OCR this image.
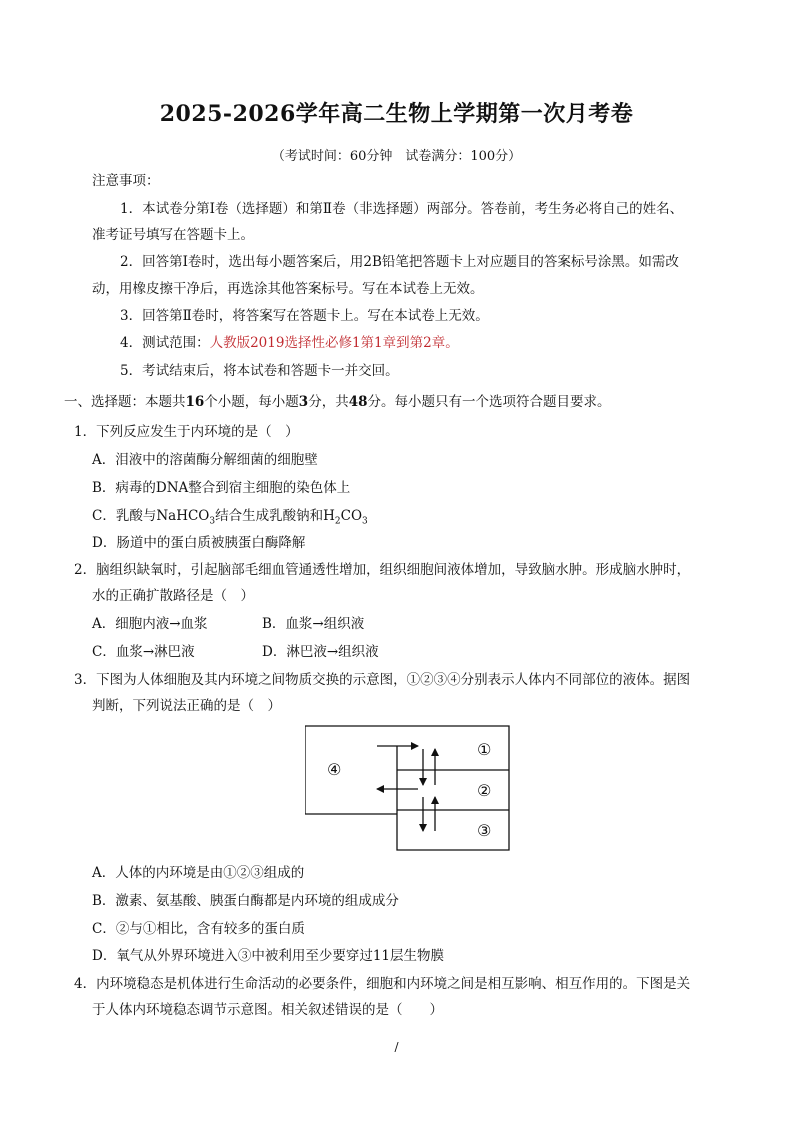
2025-2026学年高二生物上学期第一次月考卷
（考试时间：60分钟　试卷满分：100分）
注意事项：
1．本试卷分第Ⅰ卷（选择题）和第Ⅱ卷（非选择题）两部分。答卷前，考生务必将自己的姓名、
准考证号填写在答题卡上。
2．回答第Ⅰ卷时，选出每小题答案后，用2B铅笔把答题卡上对应题目的答案标号涂黑。如需改
动，用橡皮擦干净后，再选涂其他答案标号。写在本试卷上无效。
3．回答第Ⅱ卷时，将答案写在答题卡上。写在本试卷上无效。
4．测试范围：人教版2019选择性必修1第1章到第2章。
5．考试结束后，将本试卷和答题卡一并交回。
一、选择题：本题共16个小题，每小题3分，共48分。每小题只有一个选项符合题目要求。
1．下列反应发生于内环境的是（　）
A．泪液中的溶菌酶分解细菌的细胞壁
B．病毒的DNA整合到宿主细胞的染色体上
C．乳酸与NaHCO$_3$结合生成乳酸钠和$H_2CO_3$
D．肠道中的蛋白质被胰蛋白酶降解
2．脑组织缺氧时，引起脑部毛细血管通透性增加，组织细胞间液体增加，导致脑水肿。形成脑水肿时，
水的正确扩散路径是（　）
A．细胞内液→血浆	B．血浆→组织液
C．血浆→淋巴液	D．淋巴液→组织液
3．下图为人体细胞及其内环境之间物质交换的示意图，①②③④分别表示人体内不同部位的液体。据图
判断，下列说法正确的是（　）
①
②
③
④
A．人体的内环境是由①②③组成的
B．激素、氨基酸、胰蛋白酶都是内环境的组成成分
C．②与①相比，含有较多的蛋白质
D．氧气从外界环境进入③中被利用至少要穿过11层生物膜
4．内环境稳态是机体进行生命活动的必要条件，细胞和内环境之间是相互影响、相互作用的。下图是关
于人体内环境稳态调节示意图。相关叙述错误的是（　　）
/
